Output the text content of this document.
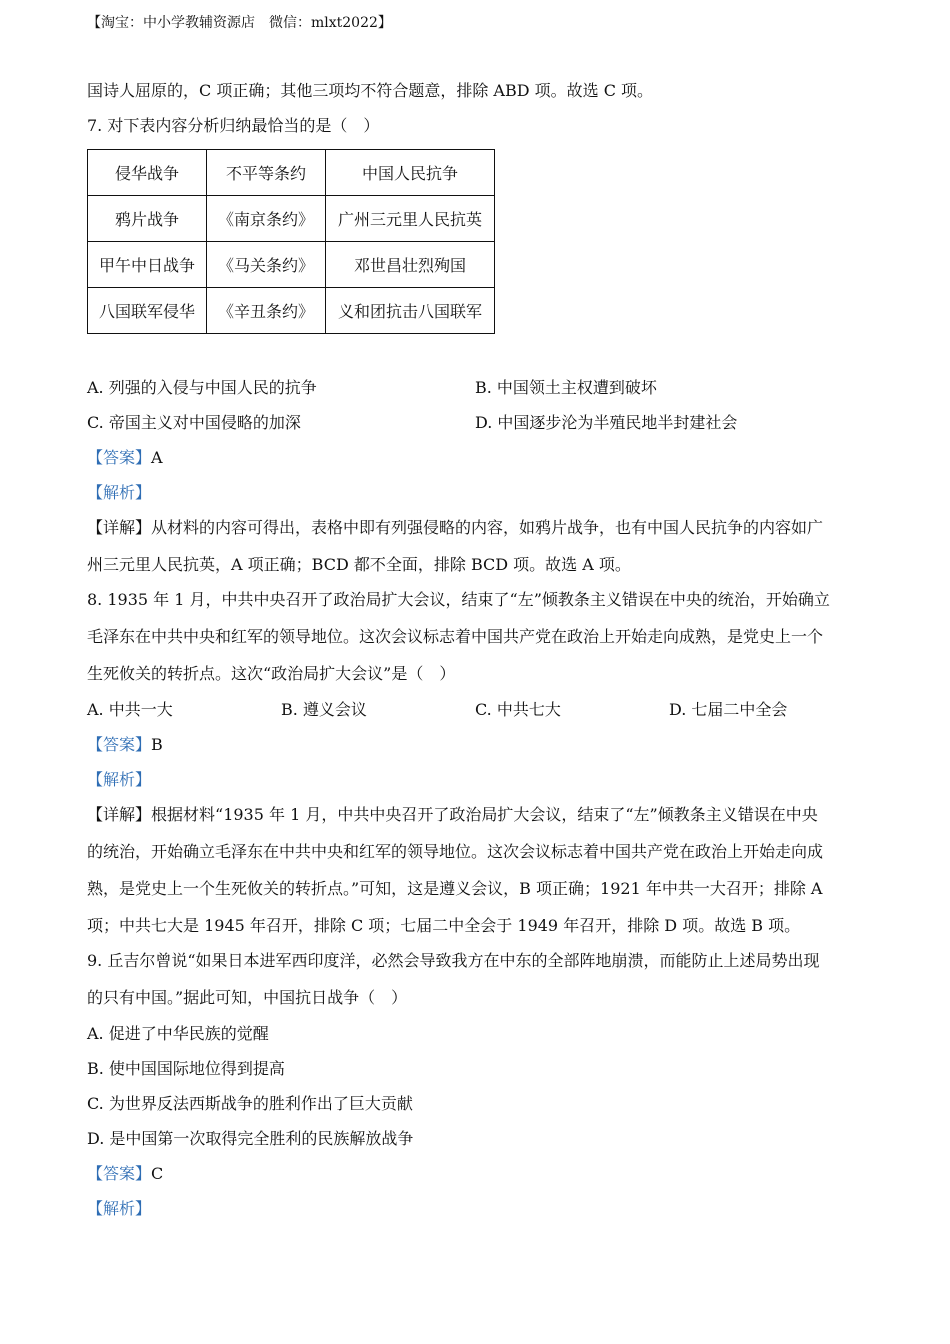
【淘宝：中小学教辅资源店　微信：mlxt2022】
国诗人屈原的，C 项正确；其他三项均不符合题意，排除 ABD 项。故选 C 项。
7. 对下表内容分析归纳最恰当的是（　）
侵华战争	不平等条约	中国人民抗争
鸦片战争	《南京条约》	广州三元里人民抗英
甲午中日战争	《马关条约》	邓世昌壮烈殉国
八国联军侵华	《辛丑条约》	义和团抗击八国联军
A. 列强的入侵与中国人民的抗争	B. 中国领土主权遭到破坏
C. 帝国主义对中国侵略的加深	D. 中国逐步沦为半殖民地半封建社会
【答案】A
【解析】
【详解】从材料的内容可得出，表格中即有列强侵略的内容，如鸦片战争，也有中国人民抗争的内容如广
州三元里人民抗英，A 项正确；BCD 都不全面，排除 BCD 项。故选 A 项。
8. 1935 年 1 月，中共中央召开了政治局扩大会议，结束了“左”倾教条主义错误在中央的统治，开始确立
毛泽东在中共中央和红军的领导地位。这次会议标志着中国共产党在政治上开始走向成熟，是党史上一个
生死攸关的转折点。这次“政治局扩大会议”是（　）
A. 中共一大	B. 遵义会议	C. 中共七大	D. 七届二中全会
【答案】B
【解析】
【详解】根据材料“1935 年 1 月，中共中央召开了政治局扩大会议，结束了“左”倾教条主义错误在中央
的统治，开始确立毛泽东在中共中央和红军的领导地位。这次会议标志着中国共产党在政治上开始走向成
熟，是党史上一个生死攸关的转折点。”可知，这是遵义会议，B 项正确；1921 年中共一大召开；排除 A
项；中共七大是 1945 年召开，排除 C 项；七届二中全会于 1949 年召开，排除 D 项。故选 B 项。
9. 丘吉尔曾说“如果日本进军西印度洋，必然会导致我方在中东的全部阵地崩溃，而能防止上述局势出现
的只有中国。”据此可知，中国抗日战争（　）
A. 促进了中华民族的觉醒
B. 使中国国际地位得到提高
C. 为世界反法西斯战争的胜利作出了巨大贡献
D. 是中国第一次取得完全胜利的民族解放战争
【答案】C
【解析】
